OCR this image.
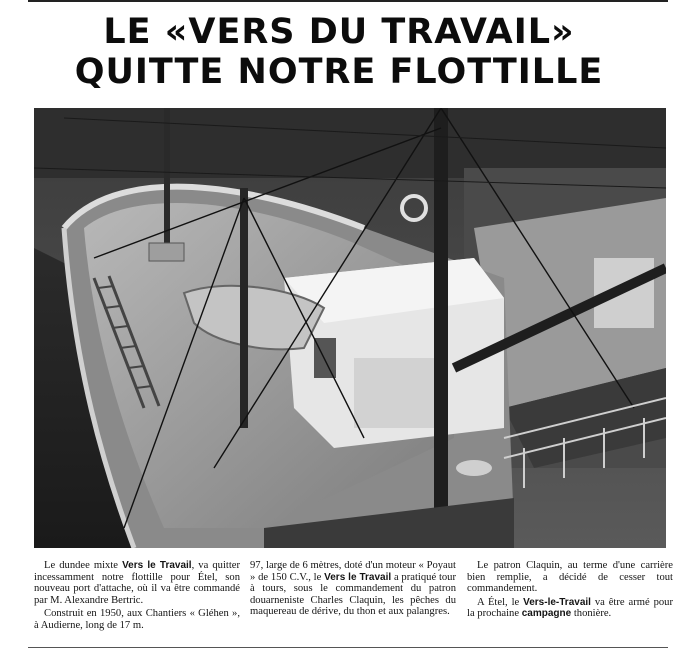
LE «VERS DU TRAVAIL»
QUITTE NOTRE FLOTTILLE

Le dundee mixte Vers le Travail, va quitter incessamment notre flottille pour Étel, son nouveau port d'attache, où il va être commandé par M. Alexandre Bertric.

Construit en 1950, aux Chantiers « Gléhen », à Audierne, long de 17 m.

97, large de 6 mètres, doté d'un moteur « Poyaut » de 150 C.V., le Vers le Travail a pratiqué tour à tours, sous le commandement du patron douarneniste Charles Claquin, les pêches du maquereau de dérive, du thon et aux palangres.

Le patron Claquin, au terme d'une carrière bien remplie, a décidé de cesser tout commandement.

A Étel, le Vers-le-Travail va être armé pour la prochaine campagne thonière.
